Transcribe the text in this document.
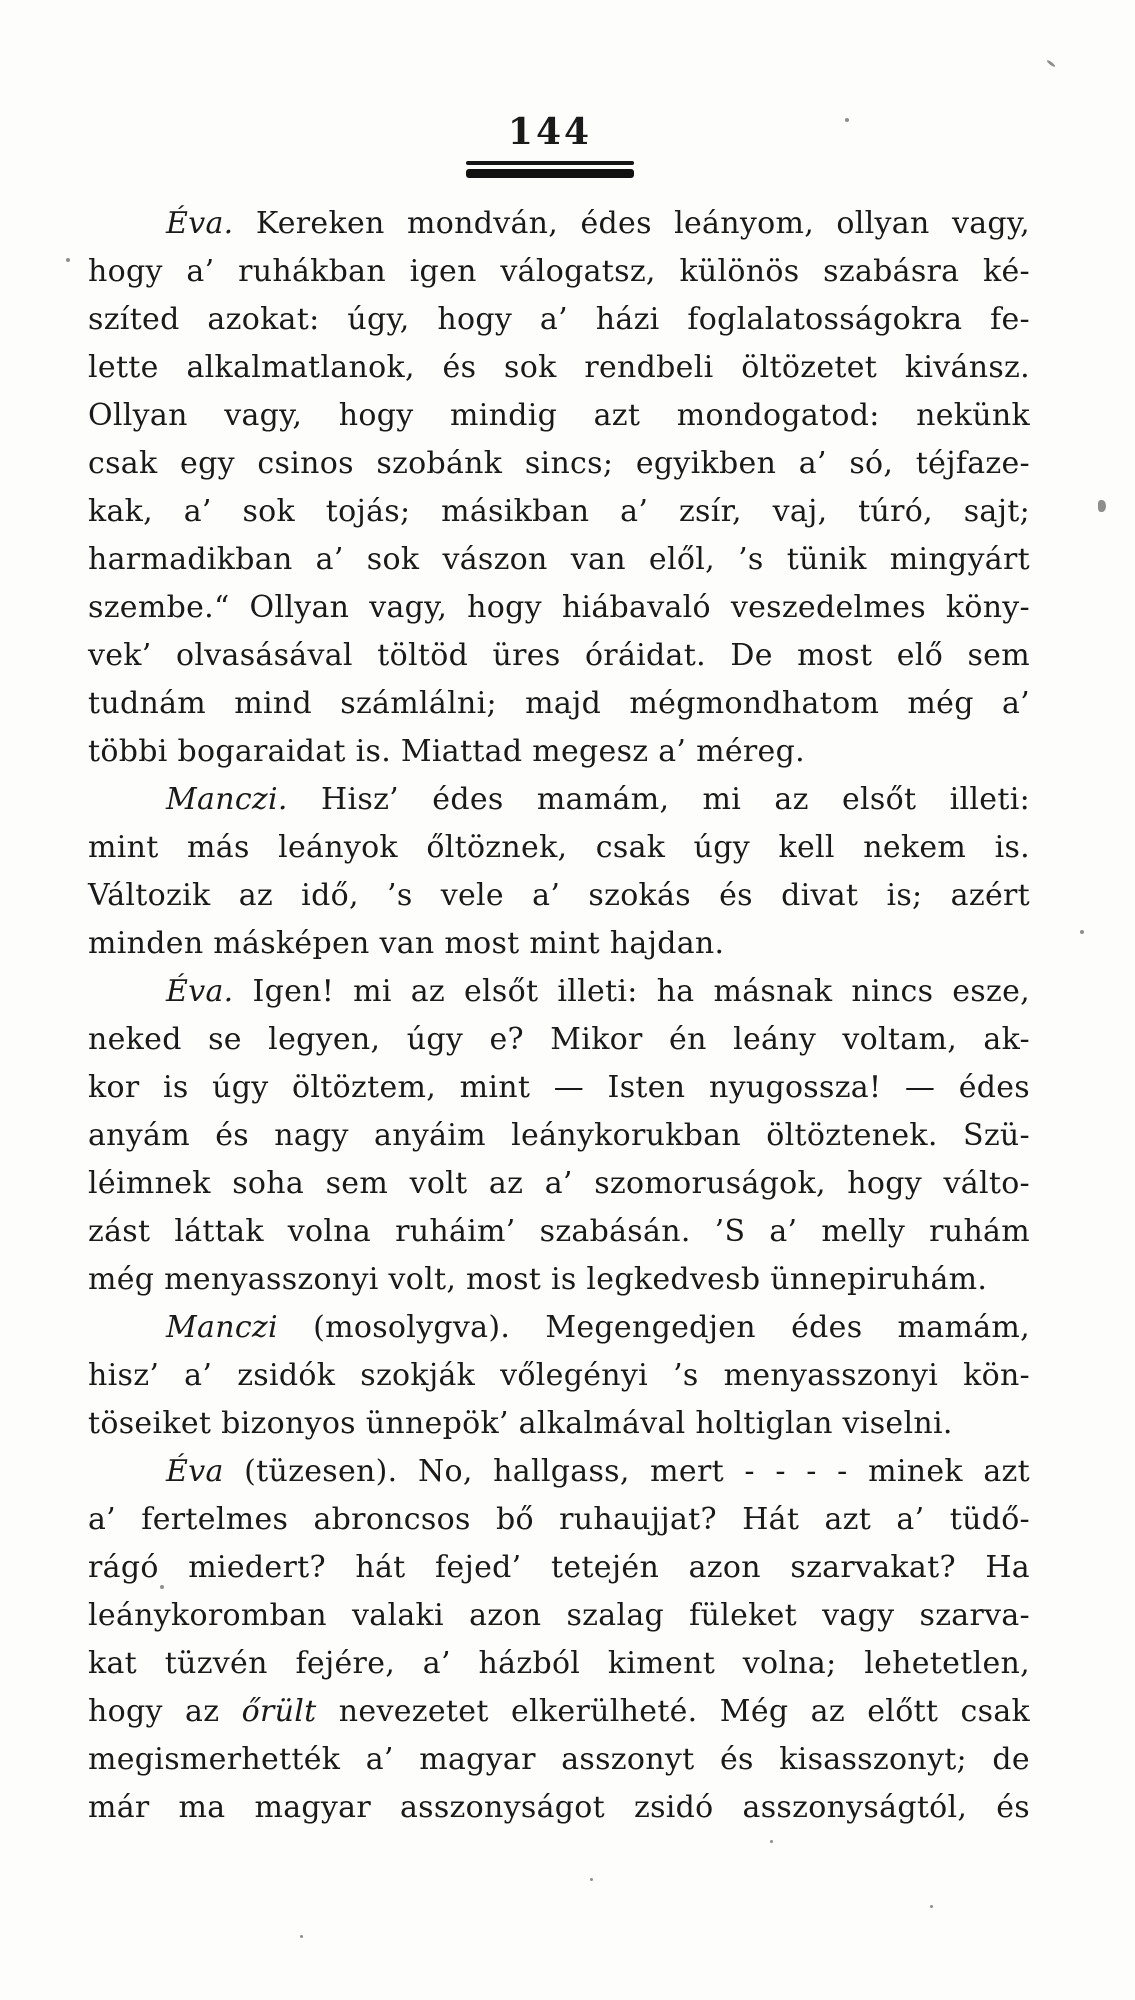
144
Éva. Kereken mondván, édes leányom, ollyan vagy,
hogy a’ ruhákban igen válogatsz, különös szabásra ké-
szíted azokat: úgy, hogy a’ házi foglalatosságokra fe-
lette alkalmatlanok, és sok rendbeli öltözetet kivánsz.
Ollyan vagy, hogy mindig azt mondogatod: nekünk
csak egy csinos szobánk sincs; egyikben a’ só, téjfaze-
kak, a’ sok tojás; másikban a’ zsír, vaj, túró, sajt;
harmadikban a’ sok vászon van elől, ’s tünik mingyárt
szembe.“ Ollyan vagy, hogy hiábavaló veszedelmes köny-
vek’ olvasásával töltöd üres óráidat. De most elő sem
tudnám mind számlálni; majd mégmondhatom még a’
többi bogaraidat is. Miattad megesz a’ méreg.
Manczi. Hisz’ édes mamám, mi az elsőt illeti:
mint más leányok őltöznek, csak úgy kell nekem is.
Változik az idő, ’s vele a’ szokás és divat is; azért
minden másképen van most mint hajdan.
Éva. Igen! mi az elsőt illeti: ha másnak nincs esze,
neked se legyen, úgy e? Mikor én leány voltam, ak-
kor is úgy öltöztem, mint — Isten nyugossza! — édes
anyám és nagy anyáim leánykorukban öltöztenek. Szü-
léimnek soha sem volt az a’ szomoruságok, hogy válto-
zást láttak volna ruháim’ szabásán. ’S a’ melly ruhám
még menyasszonyi volt, most is legkedvesb ünnepiruhám.
Manczi (mosolygva). Megengedjen édes mamám,
hisz’ a’ zsidók szokják vőlegényi ’s menyasszonyi kön-
töseiket bizonyos ünnepök’ alkalmával holtiglan viselni.
Éva (tüzesen). No, hallgass, mert - - - - minek azt
a’ fertelmes abroncsos bő ruhaujjat? Hát azt a’ tüdő-
rágó miedert? hát fejed’ tetején azon szarvakat? Ha
leánykoromban valaki azon szalag füleket vagy szarva-
kat tüzvén fejére, a’ házból kiment volna; lehetetlen,
hogy az őrült nevezetet elkerülheté. Még az előtt csak
megismerhették a’ magyar asszonyt és kisasszonyt; de
már ma magyar asszonyságot zsidó asszonyságtól, és
